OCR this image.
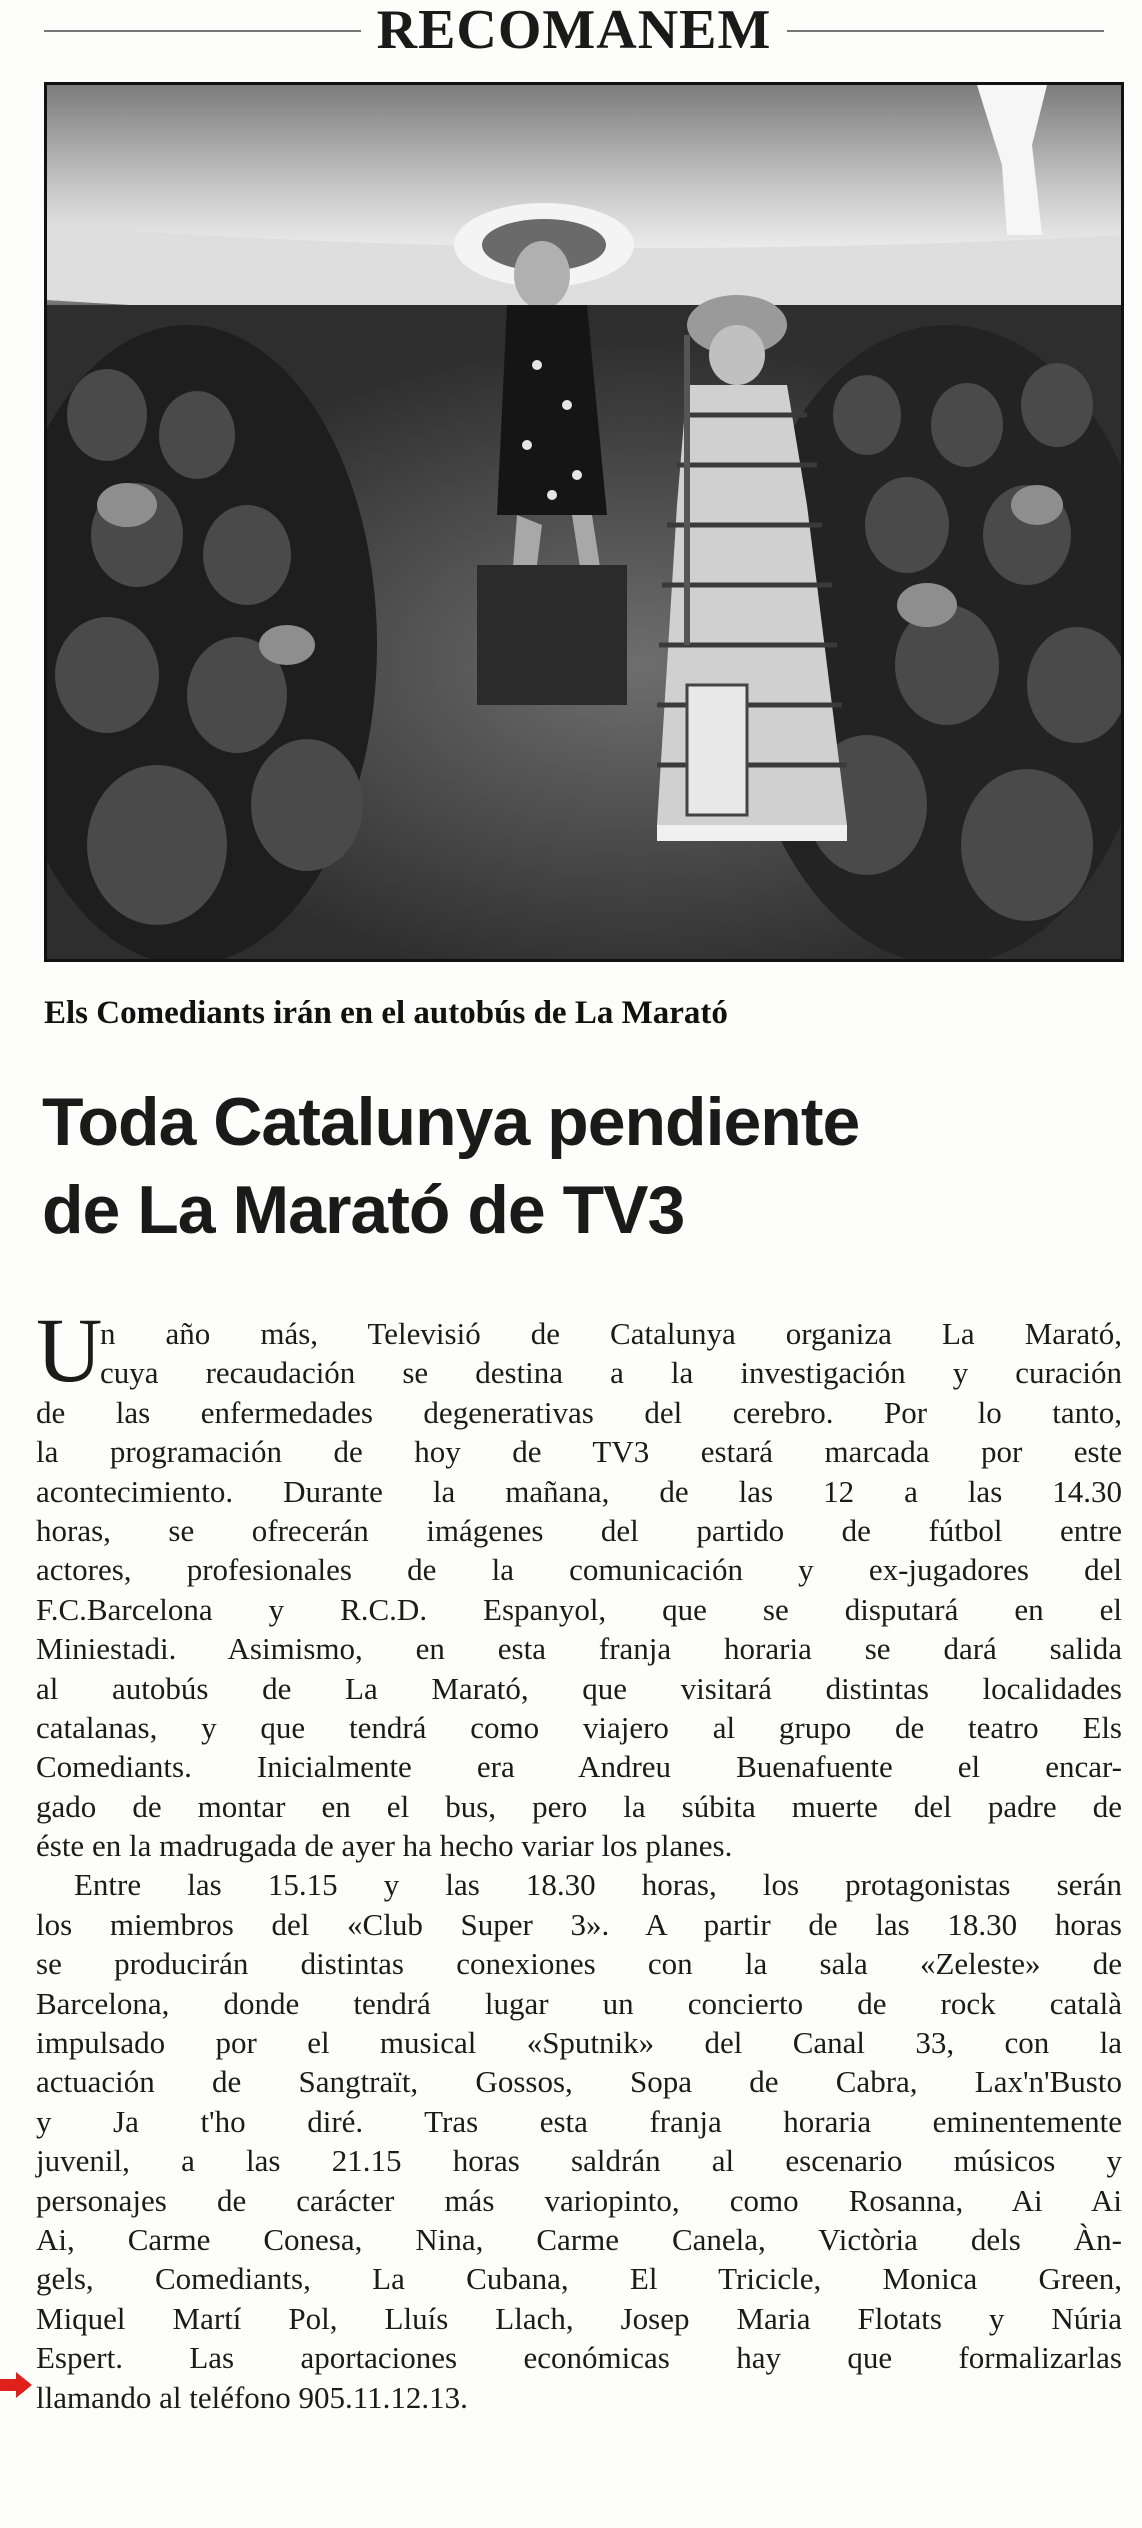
RECOMANEM
Els Comediants irán en el autobús de La Marató
Toda Catalunya pendiente
de La Marató de TV3
U
n año más, Televisió de Catalunya organiza La Marató,
cuya recaudación se destina a la investigación y curación
de las enfermedades degenerativas del cerebro. Por lo tanto,
la programación de hoy de TV3 estará marcada por este
acontecimiento. Durante la mañana, de las 12 a las 14.30
horas, se ofrecerán imágenes del partido de fútbol entre
actores, profesionales de la comunicación y ex-jugadores del
F.C.Barcelona y R.C.D. Espanyol, que se disputará en el
Miniestadi. Asimismo, en esta franja horaria se dará salida
al autobús de La Marató, que visitará distintas localidades
catalanas, y que tendrá como viajero al grupo de teatro Els
Comediants. Inicialmente era Andreu Buenafuente el encar-
gado de montar en el bus, pero la súbita muerte del padre de
éste en la madrugada de ayer ha hecho variar los planes.
Entre las 15.15 y las 18.30 horas, los protagonistas serán
los miembros del «Club Super 3». A partir de las 18.30 horas
se producirán distintas conexiones con la sala «Zeleste» de
Barcelona, donde tendrá lugar un concierto de rock català
impulsado por el musical «Sputnik» del Canal 33, con la
actuación de Sangtraït, Gossos, Sopa de Cabra, Lax'n'Busto
y Ja t'ho diré. Tras esta franja horaria eminentemente
juvenil, a las 21.15 horas saldrán al escenario músicos y
personajes de carácter más variopinto, como Rosanna, Ai Ai
Ai, Carme Conesa, Nina, Carme Canela, Victòria dels Àn-
gels, Comediants, La Cubana, El Tricicle, Monica Green,
Miquel Martí Pol, Lluís Llach, Josep Maria Flotats y Núria
Espert. Las aportaciones económicas hay que formalizarlas
llamando al teléfono 905.11.12.13.
